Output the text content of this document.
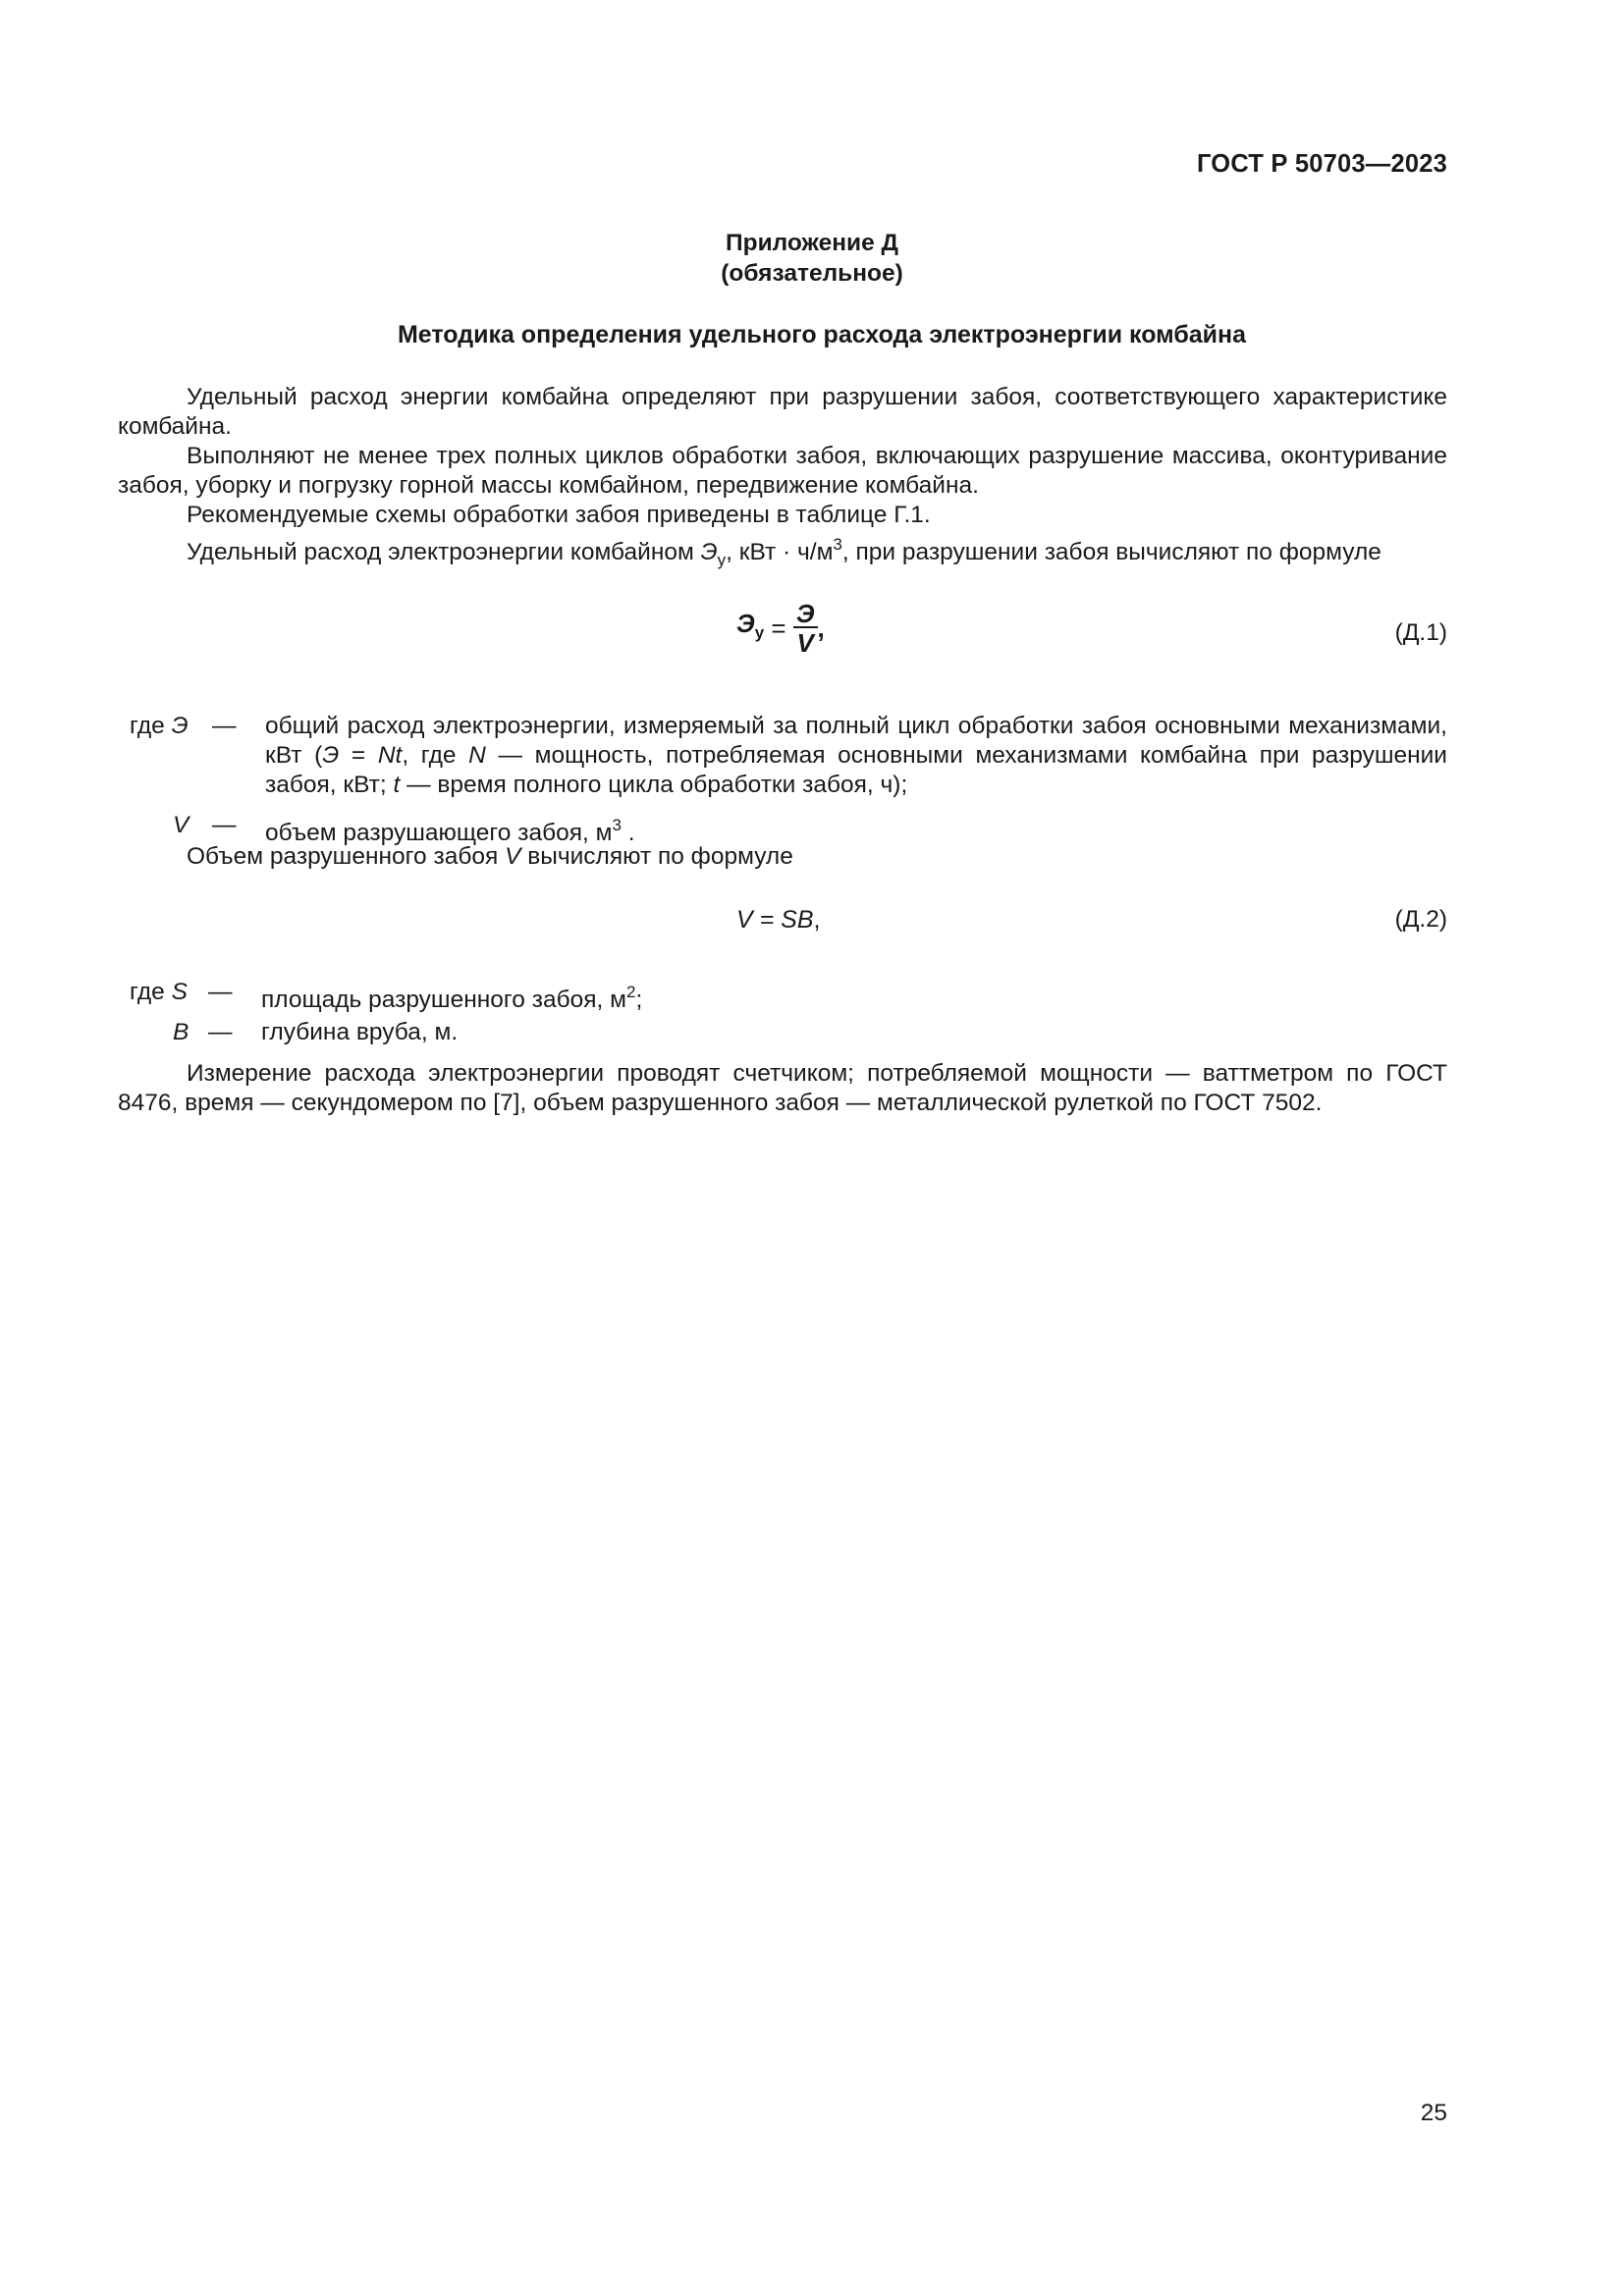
ГОСТ Р 50703—2023
Приложение Д
(обязательное)
Методика определения удельного расхода электроэнергии комбайна

Удельный расход энергии комбайна определяют при разрушении забоя, соответствующего характеристике комбайна.

Выполняют не менее трех полных циклов обработки забоя, включающих разрушение массива, оконтуривание забоя, уборку и погрузку горной массы комбайном, передвижение комбайна.

Рекомендуемые схемы обработки забоя приведены в таблице Г.1.

Удельный расход электроэнергии комбайном $Э_у$, кВт · $ч/м^3$, при разрушении забоя вычисляют по формуле

$Э_у = \frac{Э}{V}$ ,	(Д.1)
где Э — общий расход электроэнергии, измеряемый за полный цикл обработки забоя основными механизмами, кВт (Э = Nt, где N — мощность, потребляемая основными механизмами комбайна при разрушении забоя, кВт; t — время полного цикла обработки забоя, ч);
V — объем разрушающего забоя, $м^3$ .

Объем разрушенного забоя V вычисляют по формуле

V = SB,	(Д.2)
где S — площадь разрушенного забоя, $м^2$;
B — глубина вруба, м.

Измерение расхода электроэнергии проводят счетчиком; потребляемой мощности — ваттметром по ГОСТ 8476, время — секундомером по [7], объем разрушенного забоя — металлической рулеткой по ГОСТ 7502.

25
